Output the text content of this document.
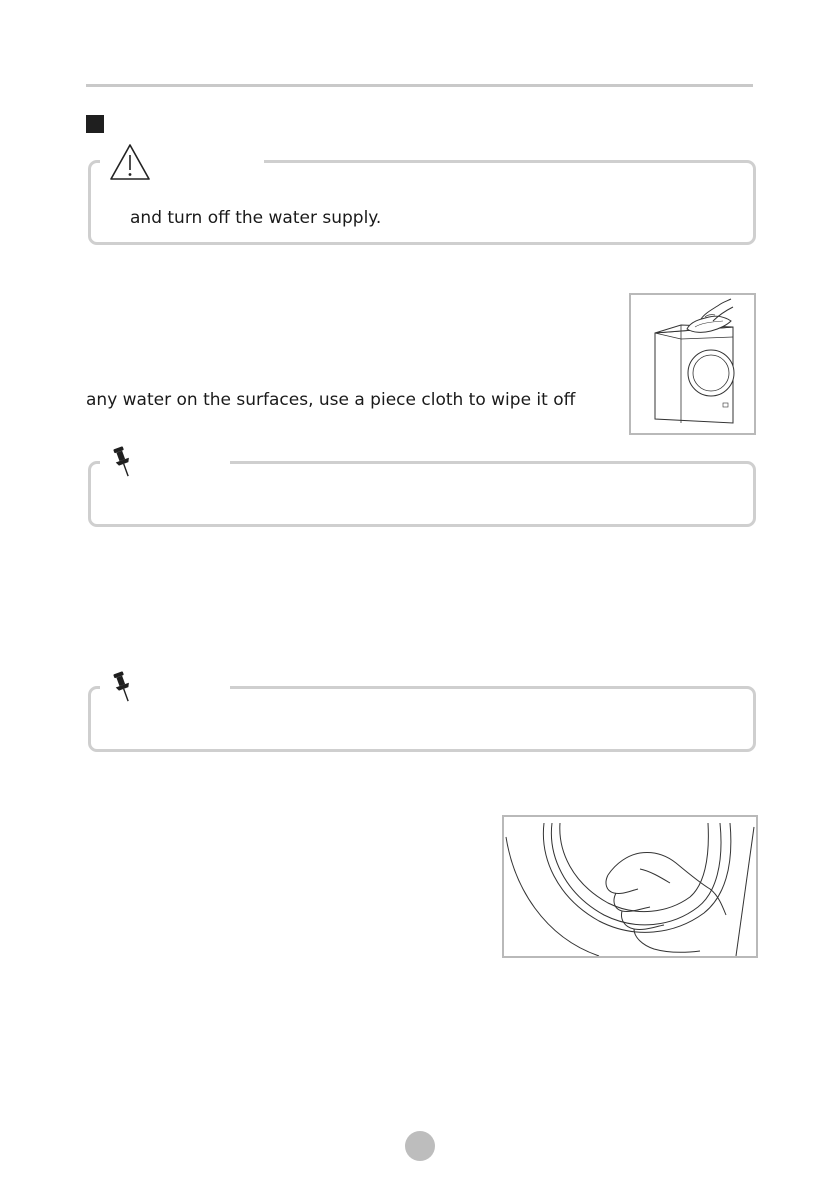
and turn off the water supply.
any water on the surfaces, use a piece cloth to wipe it off
